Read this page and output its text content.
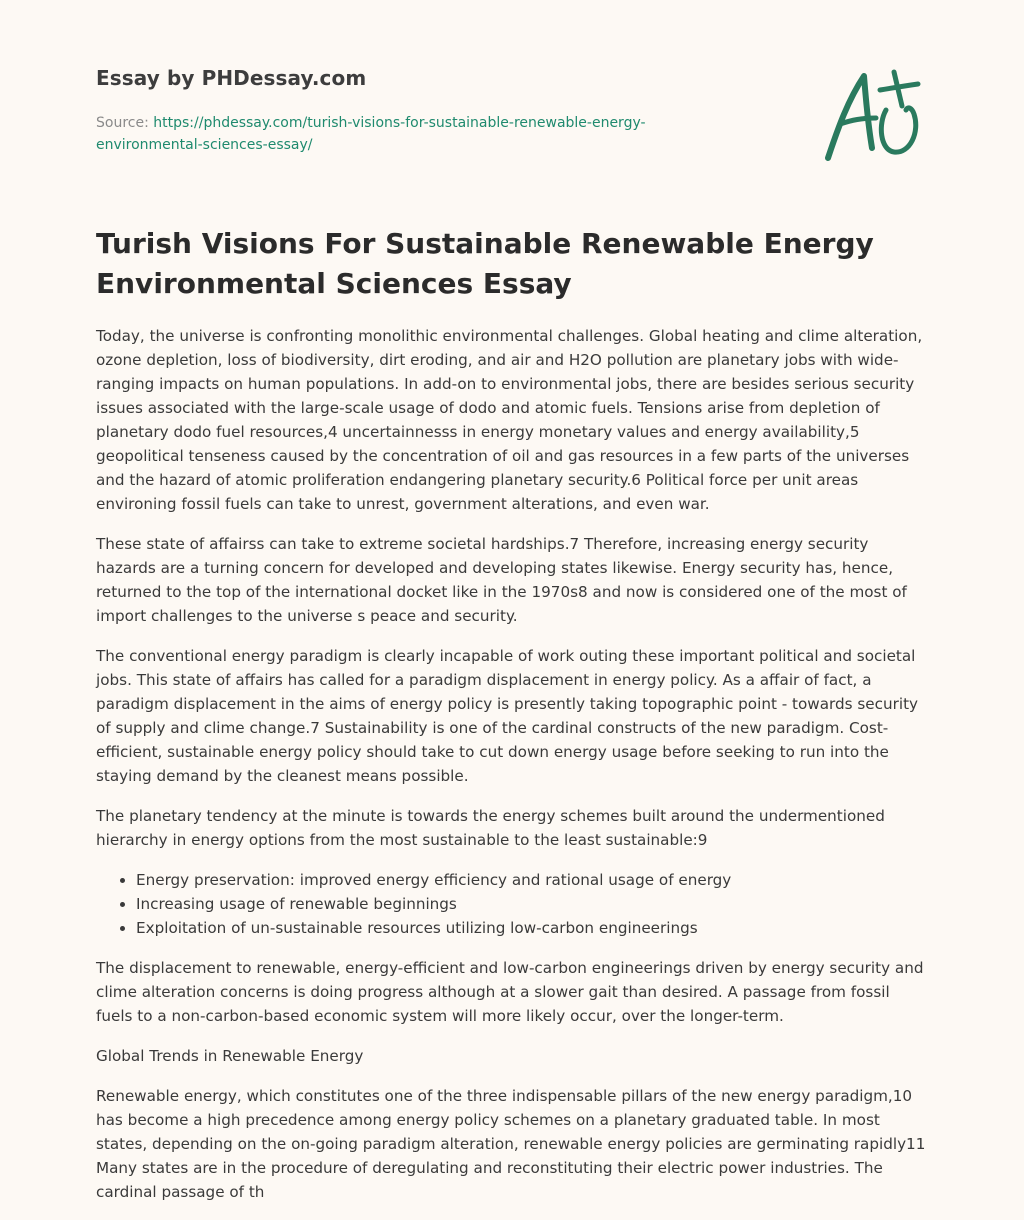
Essay by PHDessay.com
Source: https://phdessay.com/turish-visions-for-sustainable-renewable-energy-environmental-sciences-essay/
Turish Visions For Sustainable Renewable Energy Environmental Sciences Essay

Today, the universe is confronting monolithic environmental challenges. Global heating and clime alteration, ozone depletion, loss of biodiversity, dirt eroding, and air and H2O pollution are planetary jobs with wide-ranging impacts on human populations. In add-on to environmental jobs, there are besides serious security issues associated with the large-scale usage of dodo and atomic fuels. Tensions arise from depletion of planetary dodo fuel resources,4 uncertainnesss in energy monetary values and energy availability,5 geopolitical tenseness caused by the concentration of oil and gas resources in a few parts of the universes and the hazard of atomic proliferation endangering planetary security.6 Political force per unit areas environing fossil fuels can take to unrest, government alterations, and even war.

These state of affairss can take to extreme societal hardships.7 Therefore, increasing energy security hazards are a turning concern for developed and developing states likewise. Energy security has, hence, returned to the top of the international docket like in the 1970s8 and now is considered one of the most of import challenges to the universe s peace and security.

The conventional energy paradigm is clearly incapable of work outing these important political and societal jobs. This state of affairs has called for a paradigm displacement in energy policy. As a affair of fact, a paradigm displacement in the aims of energy policy is presently taking topographic point - towards security of supply and clime change.7 Sustainability is one of the cardinal constructs of the new paradigm. Cost-efficient, sustainable energy policy should take to cut down energy usage before seeking to run into the staying demand by the cleanest means possible.

The planetary tendency at the minute is towards the energy schemes built around the undermentioned hierarchy in energy options from the most sustainable to the least sustainable:9

• Energy preservation: improved energy efficiency and rational usage of energy
• Increasing usage of renewable beginnings
• Exploitation of un-sustainable resources utilizing low-carbon engineerings

The displacement to renewable, energy-efficient and low-carbon engineerings driven by energy security and clime alteration concerns is doing progress although at a slower gait than desired. A passage from fossil fuels to a non-carbon-based economic system will more likely occur, over the longer-term.

Global Trends in Renewable Energy

Renewable energy, which constitutes one of the three indispensable pillars of the new energy paradigm,10 has become a high precedence among energy policy schemes on a planetary graduated table. In most states, depending on the on-going paradigm alteration, renewable energy policies are germinating rapidly11 Many states are in the procedure of deregulating and reconstituting their electric power industries. The cardinal passage of th
